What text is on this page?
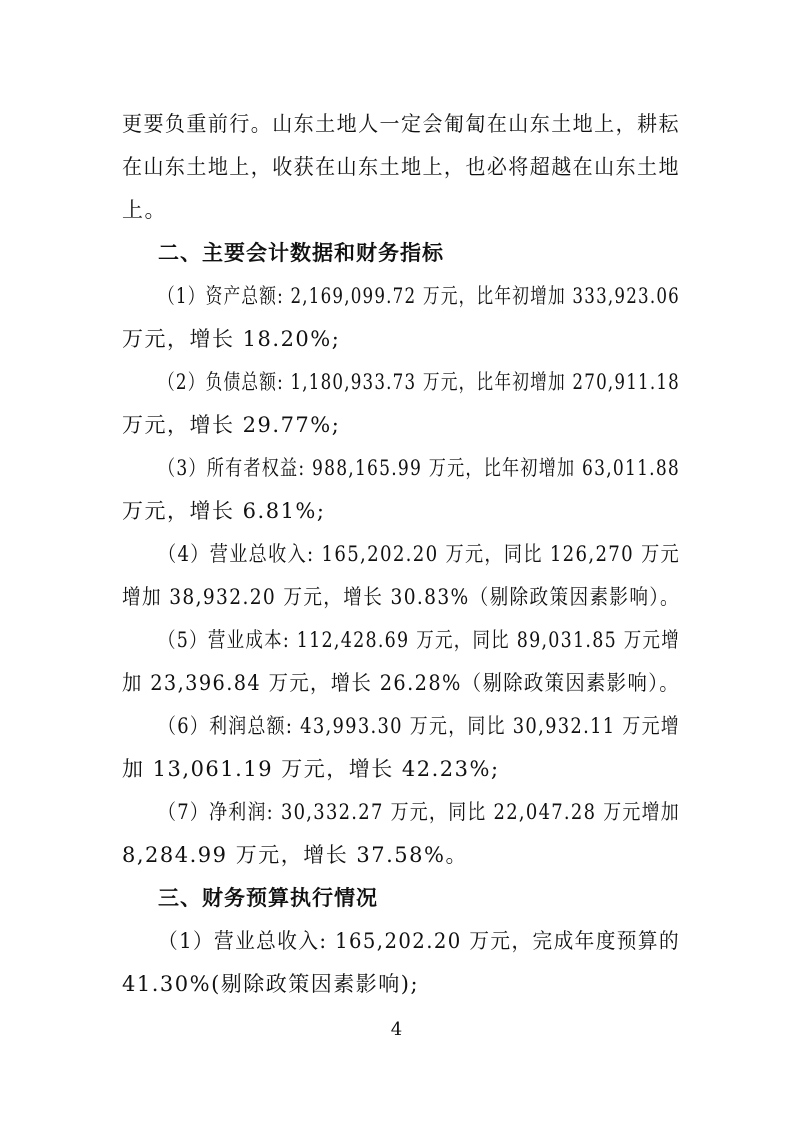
更要负重前行。山东土地人一定会匍匐在山东土地上，耕耘
在山东土地上，收获在山东土地上，也必将超越在山东土地
上。
二、主要会计数据和财务指标
（1）资产总额: 2,169,099.72 万元，比年初增加 333,923.06
万元，增长 18.20%;
（2）负债总额: 1,180,933.73 万元，比年初增加 270,911.18
万元，增长 29.77%;
（3）所有者权益: 988,165.99 万元，比年初增加 63,011.88
万元，增长 6.81%;
（4）营业总收入: 165,202.20 万元，同比 126,270 万元
增加 38,932.20 万元，增长 30.83%（剔除政策因素影响）。
（5）营业成本: 112,428.69 万元，同比 89,031.85 万元增
加 23,396.84 万元，增长 26.28%（剔除政策因素影响）。
（6）利润总额: 43,993.30 万元，同比 30,932.11 万元增
加 13,061.19 万元，增长 42.23%;
（7）净利润: 30,332.27 万元，同比 22,047.28 万元增加
8,284.99 万元，增长 37.58%。
三、财务预算执行情况
（1）营业总收入: 165,202.20 万元，完成年度预算的
41.30%(剔除政策因素影响);
4
